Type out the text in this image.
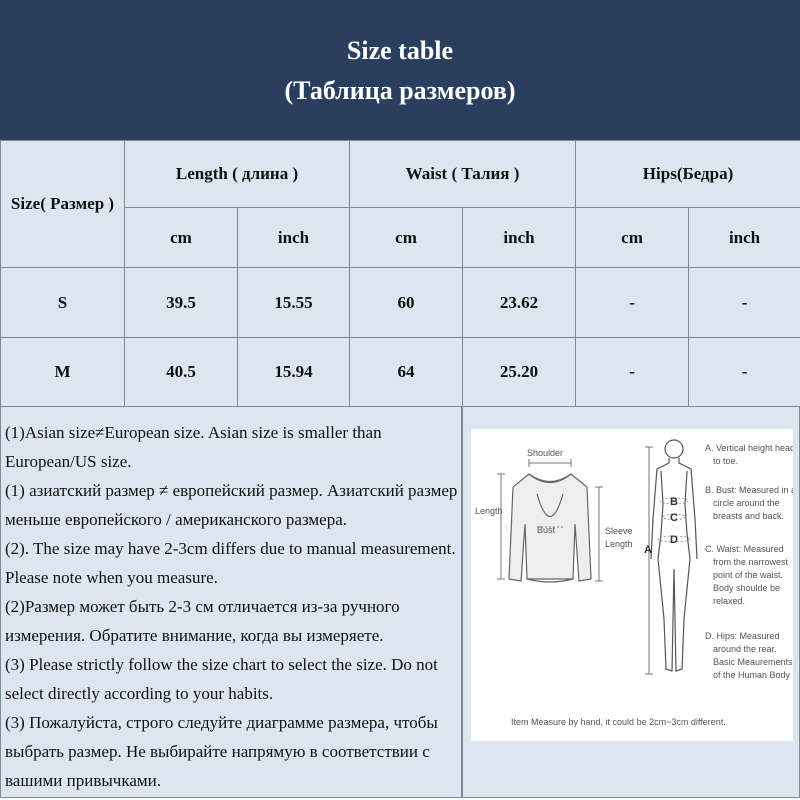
Size table
(Таблица размеров)
Size( Размер )	Length ( длина )		Waist ( Талия )		Hips(Бедра)	
	cm	inch	cm	inch	cm	inch
S	39.5	15.55	60	23.62	-	-
M	40.5	15.94	64	25.20	-	-

(1)Asian size≠European size. Asian size is smaller than European/US size.

(1) азиатский размер ≠ европейский размер. Азиатский размер меньше европейского / американского размера.

(2). The size may have 2-3cm differs due to manual measurement. Please note when you measure.

(2)Размер может быть 2-3 см отличается из-за ручного измерения. Обратите внимание, когда вы измеряете.

(3) Please strictly follow the size chart to select the size. Do not select directly according to your habits.

(3) Пожалуйста, строго следуйте диаграмме размера, чтобы выбрать размер. Не выбирайте напрямую в соответствии с вашими привычками.

Shoulder
Length
Bust	Sleeve
Length A
B
C
D
A. Vertical height head
to toe.
B. Bust: Measured in a
circle around the
breasts and back.
C. Waist: Measured
from the narrowest
point of the waist.
Body shoulde be
relaxed.
D. Hips: Measured
around the rear.
Basic Meaurements
of the Human Body
Item Measure by hand, it could be 2cm~3cm different.
